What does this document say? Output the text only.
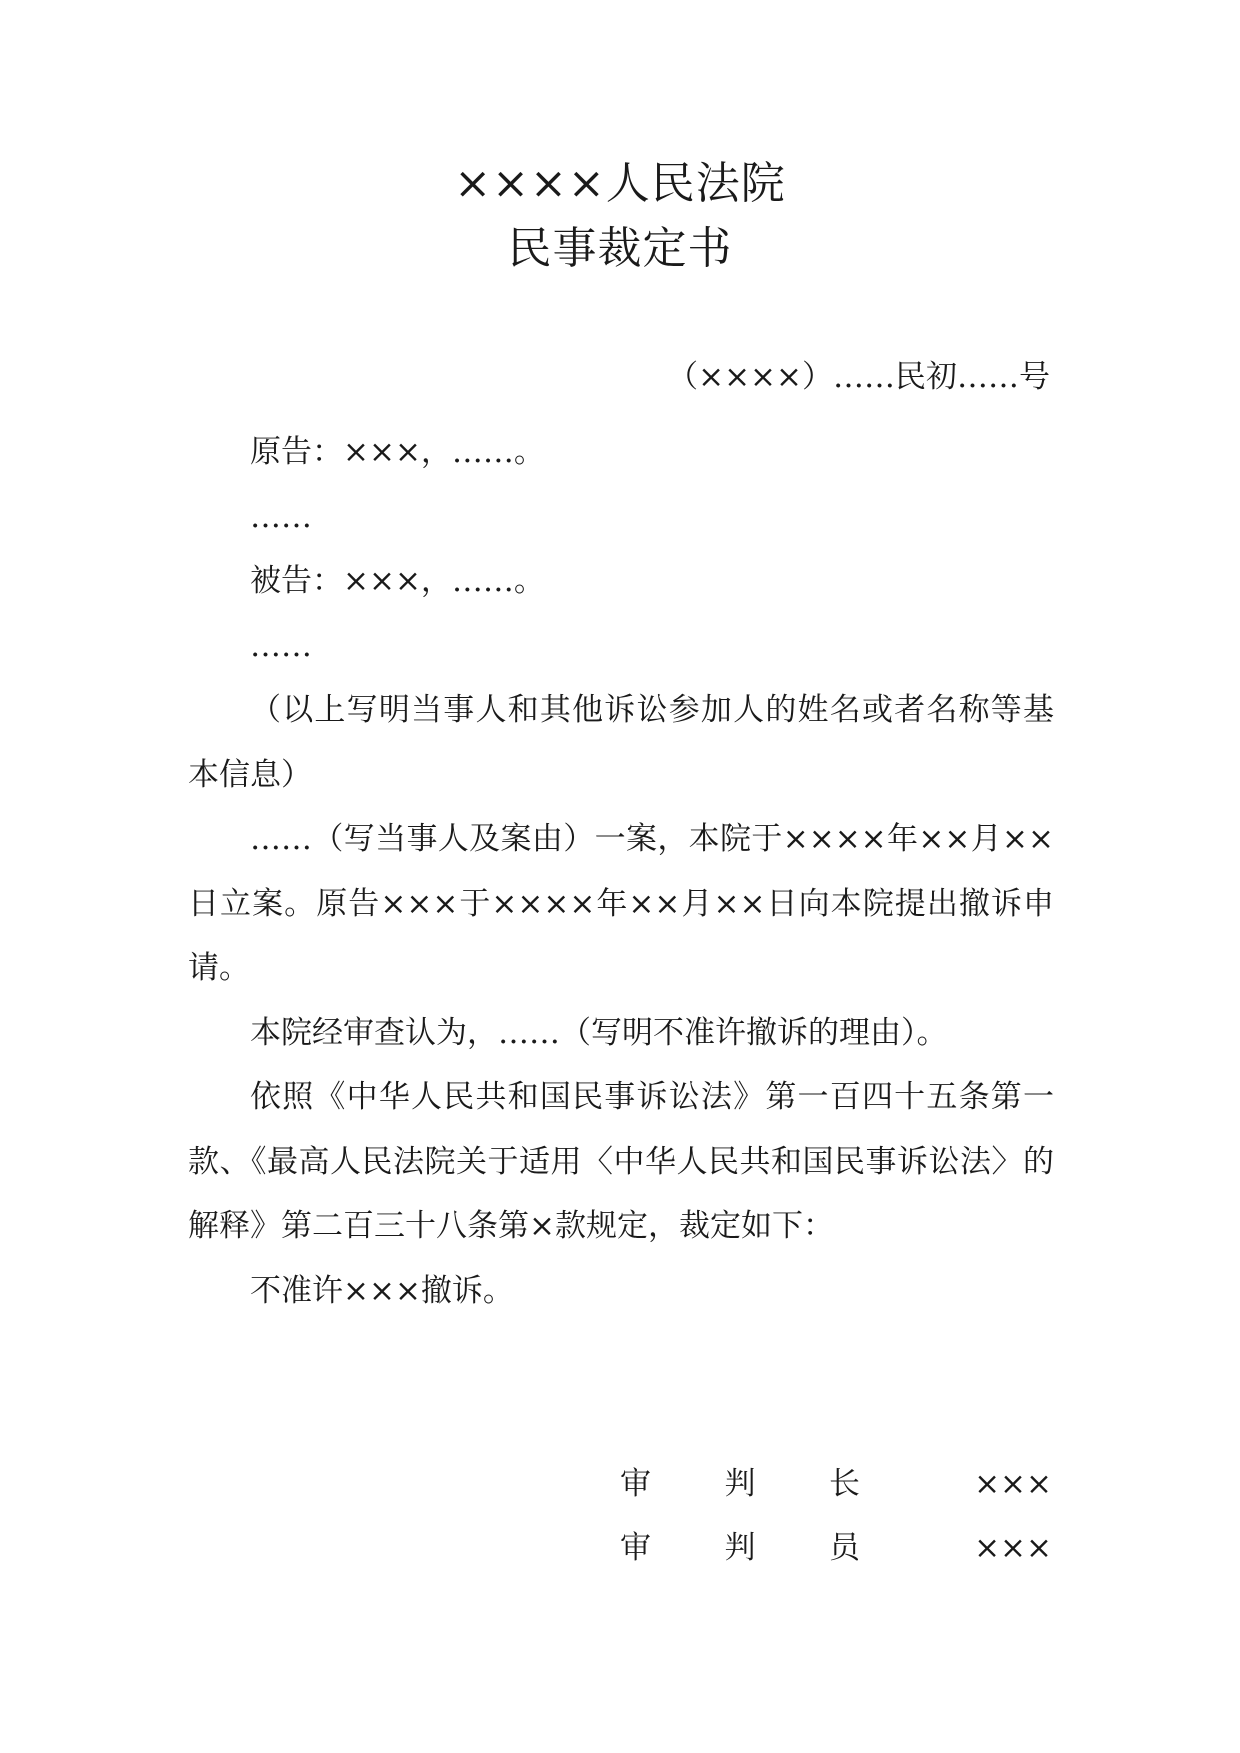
××××人民法院
民事裁定书
（××××）……民初……号

原告：×××，……。

……

被告：×××，……。

……

（以上写明当事人和其他诉讼参加人的姓名或者名称等基本信息）

……（写当事人及案由）一案，本院于××××年××月××日立案。原告×××于××××年××月××日向本院提出撤诉申请。

本院经审查认为，……（写明不准许撤诉的理由）。

依照《中华人民共和国民事诉讼法》第一百四十五条第一款、《最高人民法院关于适用〈中华人民共和国民事诉讼法〉的解释》第二百三十八条第×款规定，裁定如下：

不准许×××撤诉。

审 判 长	×××
审 判 员	×××
